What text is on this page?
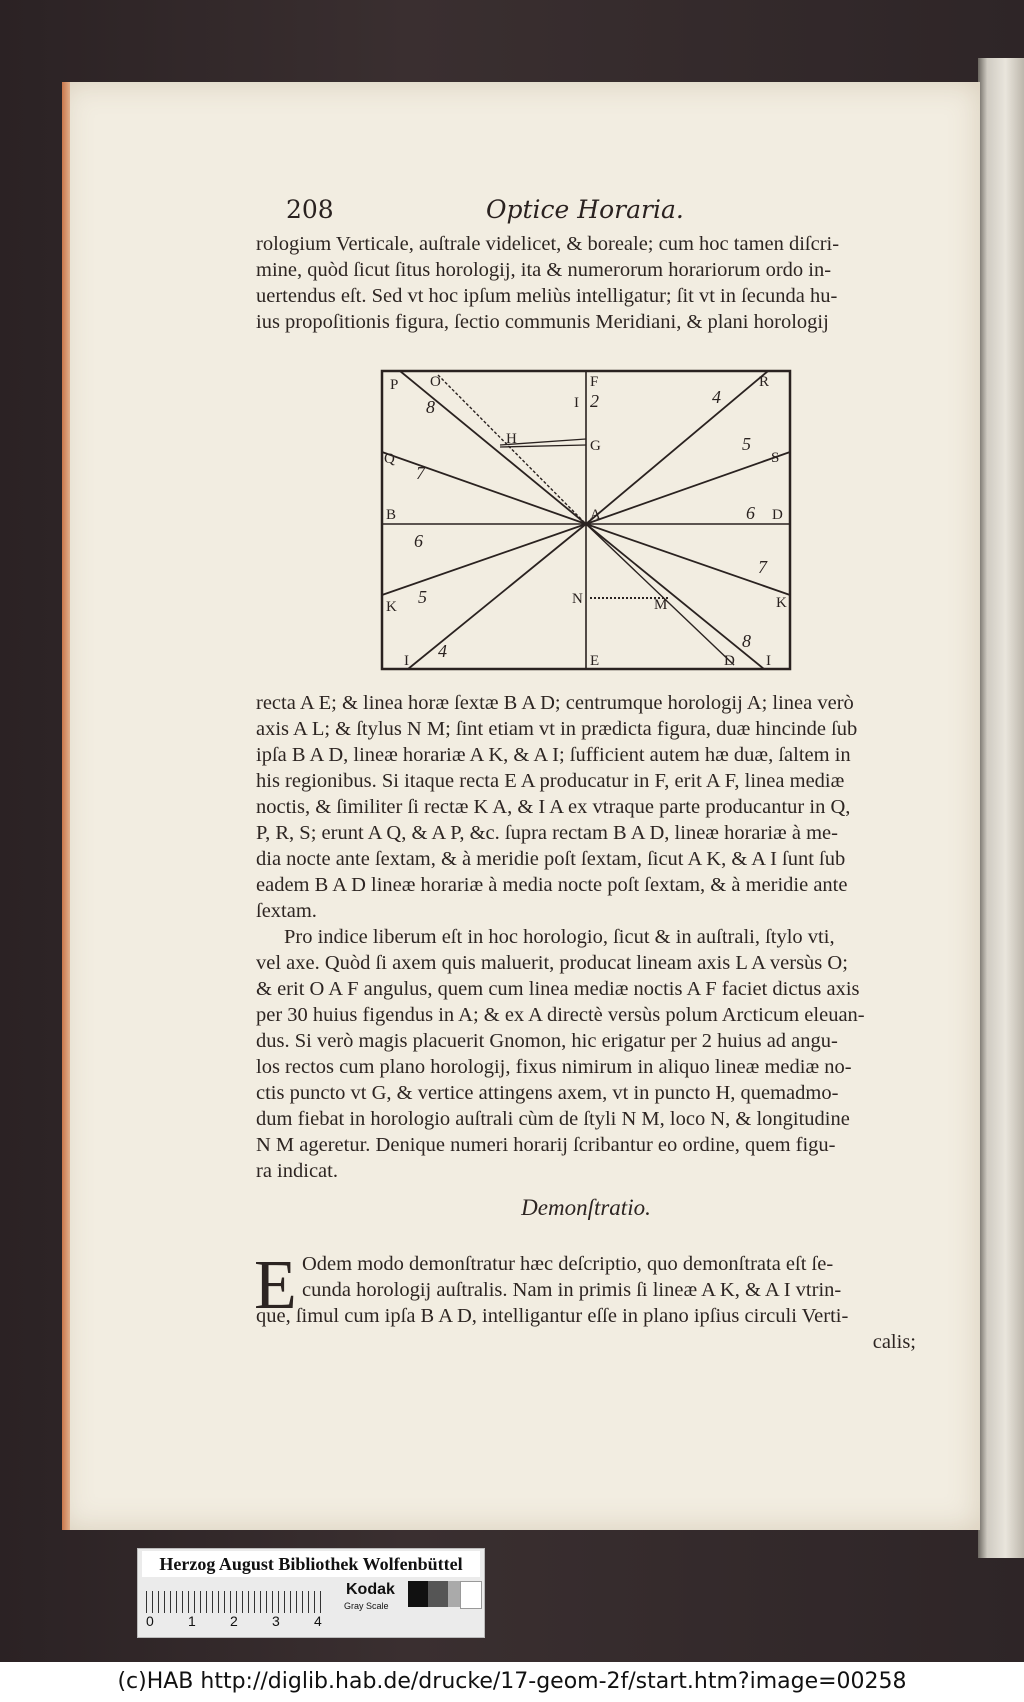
208	Optice Horaria.
rologium Verticale, auſtrale videlicet, & boreale; cum hoc tamen diſcri-
mine, quòd ſicut ſitus horologij, ita & numerorum horariorum ordo in-
uertendus eſt. Sed vt hoc ipſum meliùs intelligatur; ſit vt in ſecunda hu-
ius propoſitionis figura, ſectio communis Meridiani, & plani horologij
P O
8
F
I 2	4
R
H	G	5
S
Q
7
A	6 D
B
6
7
K	N	M
5	K
4	8
I	E	D I
recta A E; & linea horæ ſextæ B A D; centrumque horologij A; linea verò
axis A L; & ſtylus N M; ſint etiam vt in prædicta figura, duæ hincinde ſub
ipſa B A D, lineæ horariæ A K, & A I; ſufficient autem hæ duæ, ſaltem in
his regionibus. Si itaque recta E A producatur in F, erit A F, linea mediæ
noctis, & ſimiliter ſi rectæ K A, & I A ex vtraque parte producantur in Q,
P, R, S; erunt A Q, & A P, &c. ſupra rectam B A D, lineæ horariæ à me-
dia nocte ante ſextam, & à meridie poſt ſextam, ſicut A K, & A I ſunt ſub
eadem B A D lineæ horariæ à media nocte poſt ſextam, & à meridie ante
ſextam.
Pro indice liberum eſt in hoc horologio, ſicut & in auſtrali, ſtylo vti,
vel axe. Quòd ſi axem quis maluerit, producat lineam axis L A versùs O;
& erit O A F angulus, quem cum linea mediæ noctis A F faciet dictus axis
per 30 huius figendus in A; & ex A directè versùs polum Arcticum eleuan-
dus. Si verò magis placuerit Gnomon, hic erigatur per 2 huius ad angu-
los rectos cum plano horologij, fixus nimirum in aliquo lineæ mediæ no-
ctis puncto vt G, & vertice attingens axem, vt in puncto H, quemadmo-
dum fiebat in horologio auſtrali cùm de ſtyli N M, loco N, & longitudine
N M ageretur. Denique numeri horarij ſcribantur eo ordine, quem figu-
ra indicat.
Demonſtratio.
E Odem modo demonſtratur hæc deſcriptio, quo demonſtrata eſt ſe-
cunda horologij auſtralis. Nam in primis ſi lineæ A K, & A I vtrin-
que, ſimul cum ipſa B A D, intelligantur eſſe in plano ipſius circuli Verti-
calis;
Herzog August Bibliothek Wolfenbüttel
0 1 2 3 4
Kodak
Gray Scale
(c)HAB http://diglib.hab.de/drucke/17-geom-2f/start.htm?image=00258
